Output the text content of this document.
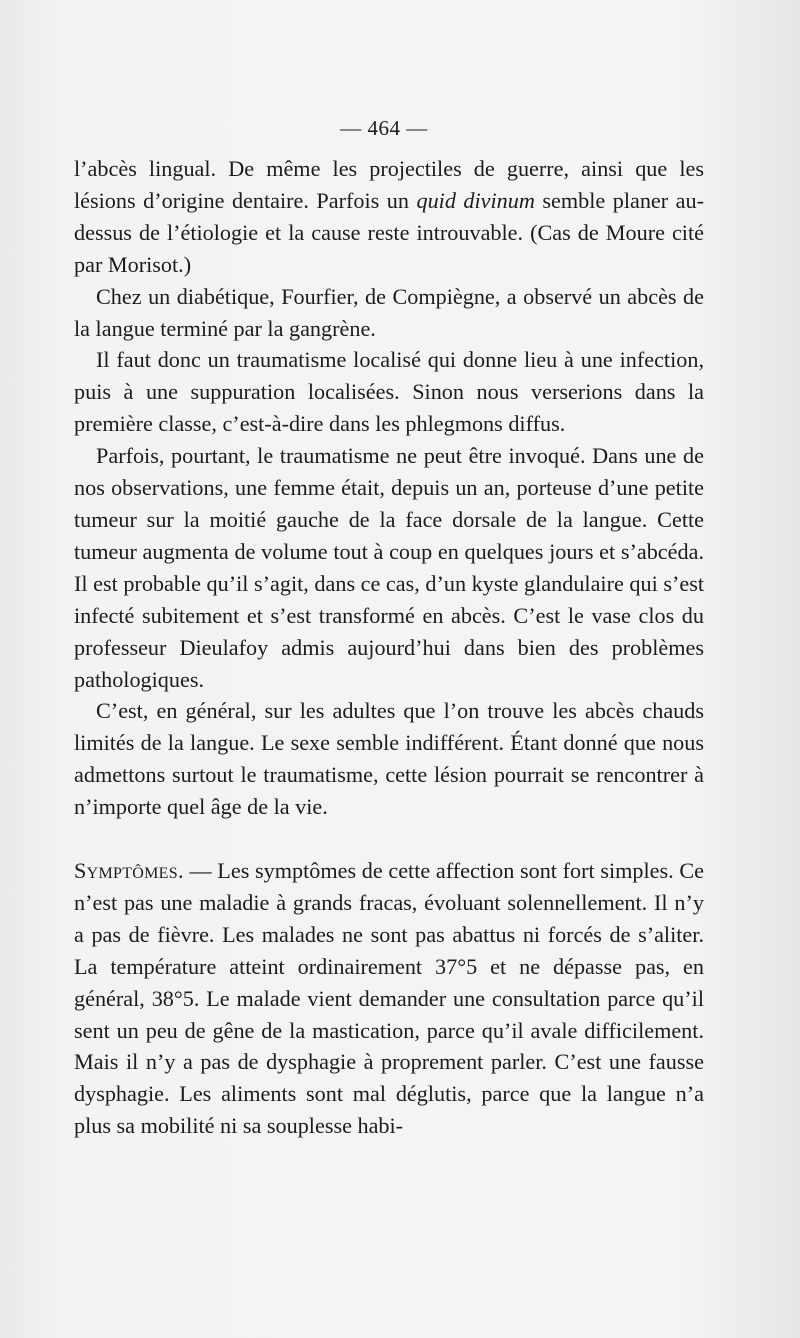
— 464 —

l’abcès lingual. De même les projectiles de guerre, ainsi que les lésions d’origine dentaire. Parfois un quid divinum semble planer au-dessus de l’étiologie et la cause reste introuvable. (Cas de Moure cité par Morisot.)

Chez un diabétique, Fourfier, de Compiègne, a observé un abcès de la langue terminé par la gangrène.

Il faut donc un traumatisme localisé qui donne lieu à une infection, puis à une suppuration localisées. Sinon nous verserions dans la première classe, c’est-à-dire dans les phlegmons diffus.

Parfois, pourtant, le traumatisme ne peut être invoqué. Dans une de nos observations, une femme était, depuis un an, porteuse d’une petite tumeur sur la moitié gauche de la face dorsale de la langue. Cette tumeur augmenta de volume tout à coup en quelques jours et s’abcéda. Il est probable qu’il s’agit, dans ce cas, d’un kyste glandulaire qui s’est infecté subitement et s’est transformé en abcès. C’est le vase clos du professeur Dieulafoy admis aujourd’hui dans bien des problèmes pathologiques.

C’est, en général, sur les adultes que l’on trouve les abcès chauds limités de la langue. Le sexe semble indifférent. Étant donné que nous admettons surtout le traumatisme, cette lésion pourrait se rencontrer à n’importe quel âge de la vie.

Symptômes. — Les symptômes de cette affection sont fort simples. Ce n’est pas une maladie à grands fracas, évoluant solennellement. Il n’y a pas de fièvre. Les malades ne sont pas abattus ni forcés de s’aliter. La température atteint ordinairement 37°5 et ne dépasse pas, en général, 38°5. Le malade vient demander une consultation parce qu’il sent un peu de gêne de la mastication, parce qu’il avale difficilement. Mais il n’y a pas de dysphagie à proprement parler. C’est une fausse dysphagie. Les aliments sont mal déglutis, parce que la langue n’a plus sa mobilité ni sa souplesse habi-
